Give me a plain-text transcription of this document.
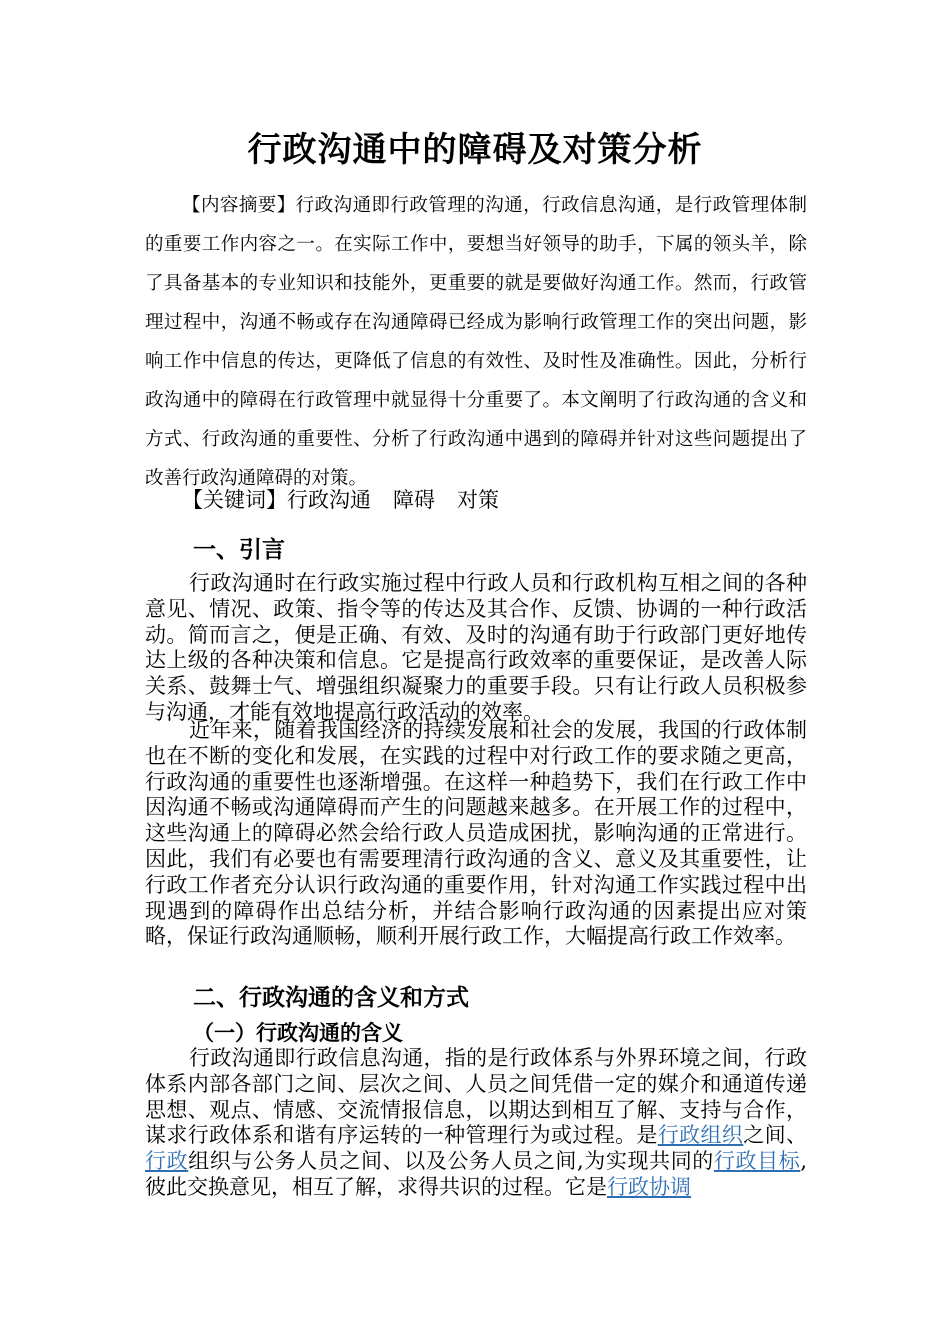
行政沟通中的障碍及对策分析

【内容摘要】行政沟通即行政管理的沟通，行政信息沟通，是行政管理体制的重要工作内容之一。在实际工作中，要想当好领导的助手，下属的领头羊，除了具备基本的专业知识和技能外，更重要的就是要做好沟通工作。然而，行政管理过程中，沟通不畅或存在沟通障碍已经成为影响行政管理工作的突出问题，影响工作中信息的传达，更降低了信息的有效性、及时性及准确性。因此，分析行政沟通中的障碍在行政管理中就显得十分重要了。本文阐明了行政沟通的含义和方式、行政沟通的重要性、分析了行政沟通中遇到的障碍并针对这些问题提出了改善行政沟通障碍的对策。

【关键词】行政沟通 障碍 对策

一、引言

行政沟通时在行政实施过程中行政人员和行政机构互相之间的各种意见、情况、政策、指令等的传达及其合作、反馈、协调的一种行政活动。简而言之，便是正确、有效、及时的沟通有助于行政部门更好地传达上级的各种决策和信息。它是提高行政效率的重要保证，是改善人际关系、鼓舞士气、增强组织凝聚力的重要手段。只有让行政人员积极参与沟通，才能有效地提高行政活动的效率。

近年来，随着我国经济的持续发展和社会的发展，我国的行政体制也在不断的变化和发展，在实践的过程中对行政工作的要求随之更高，行政沟通的重要性也逐渐增强。在这样一种趋势下，我们在行政工作中因沟通不畅或沟通障碍而产生的问题越来越多。在开展工作的过程中，这些沟通上的障碍必然会给行政人员造成困扰，影响沟通的正常进行。因此，我们有必要也有需要理清行政沟通的含义、意义及其重要性，让行政工作者充分认识行政沟通的重要作用，针对沟通工作实践过程中出现遇到的障碍作出总结分析，并结合影响行政沟通的因素提出应对策略，保证行政沟通顺畅，顺利开展行政工作，大幅提高行政工作效率。

二、行政沟通的含义和方式
（一）行政沟通的含义

行政沟通即行政信息沟通，指的是行政体系与外界环境之间，行政体系内部各部门之间、层次之间、人员之间凭借一定的媒介和通道传递思想、观点、情感、交流情报信息，以期达到相互了解、支持与合作，谋求行政体系和谐有序运转的一种管理行为或过程。是行政组织之间、行政组织与公务人员之间、以及公务人员之间,为实现共同的行政目标,彼此交换意见，相互了解，求得共识的过程。它是行政协调
